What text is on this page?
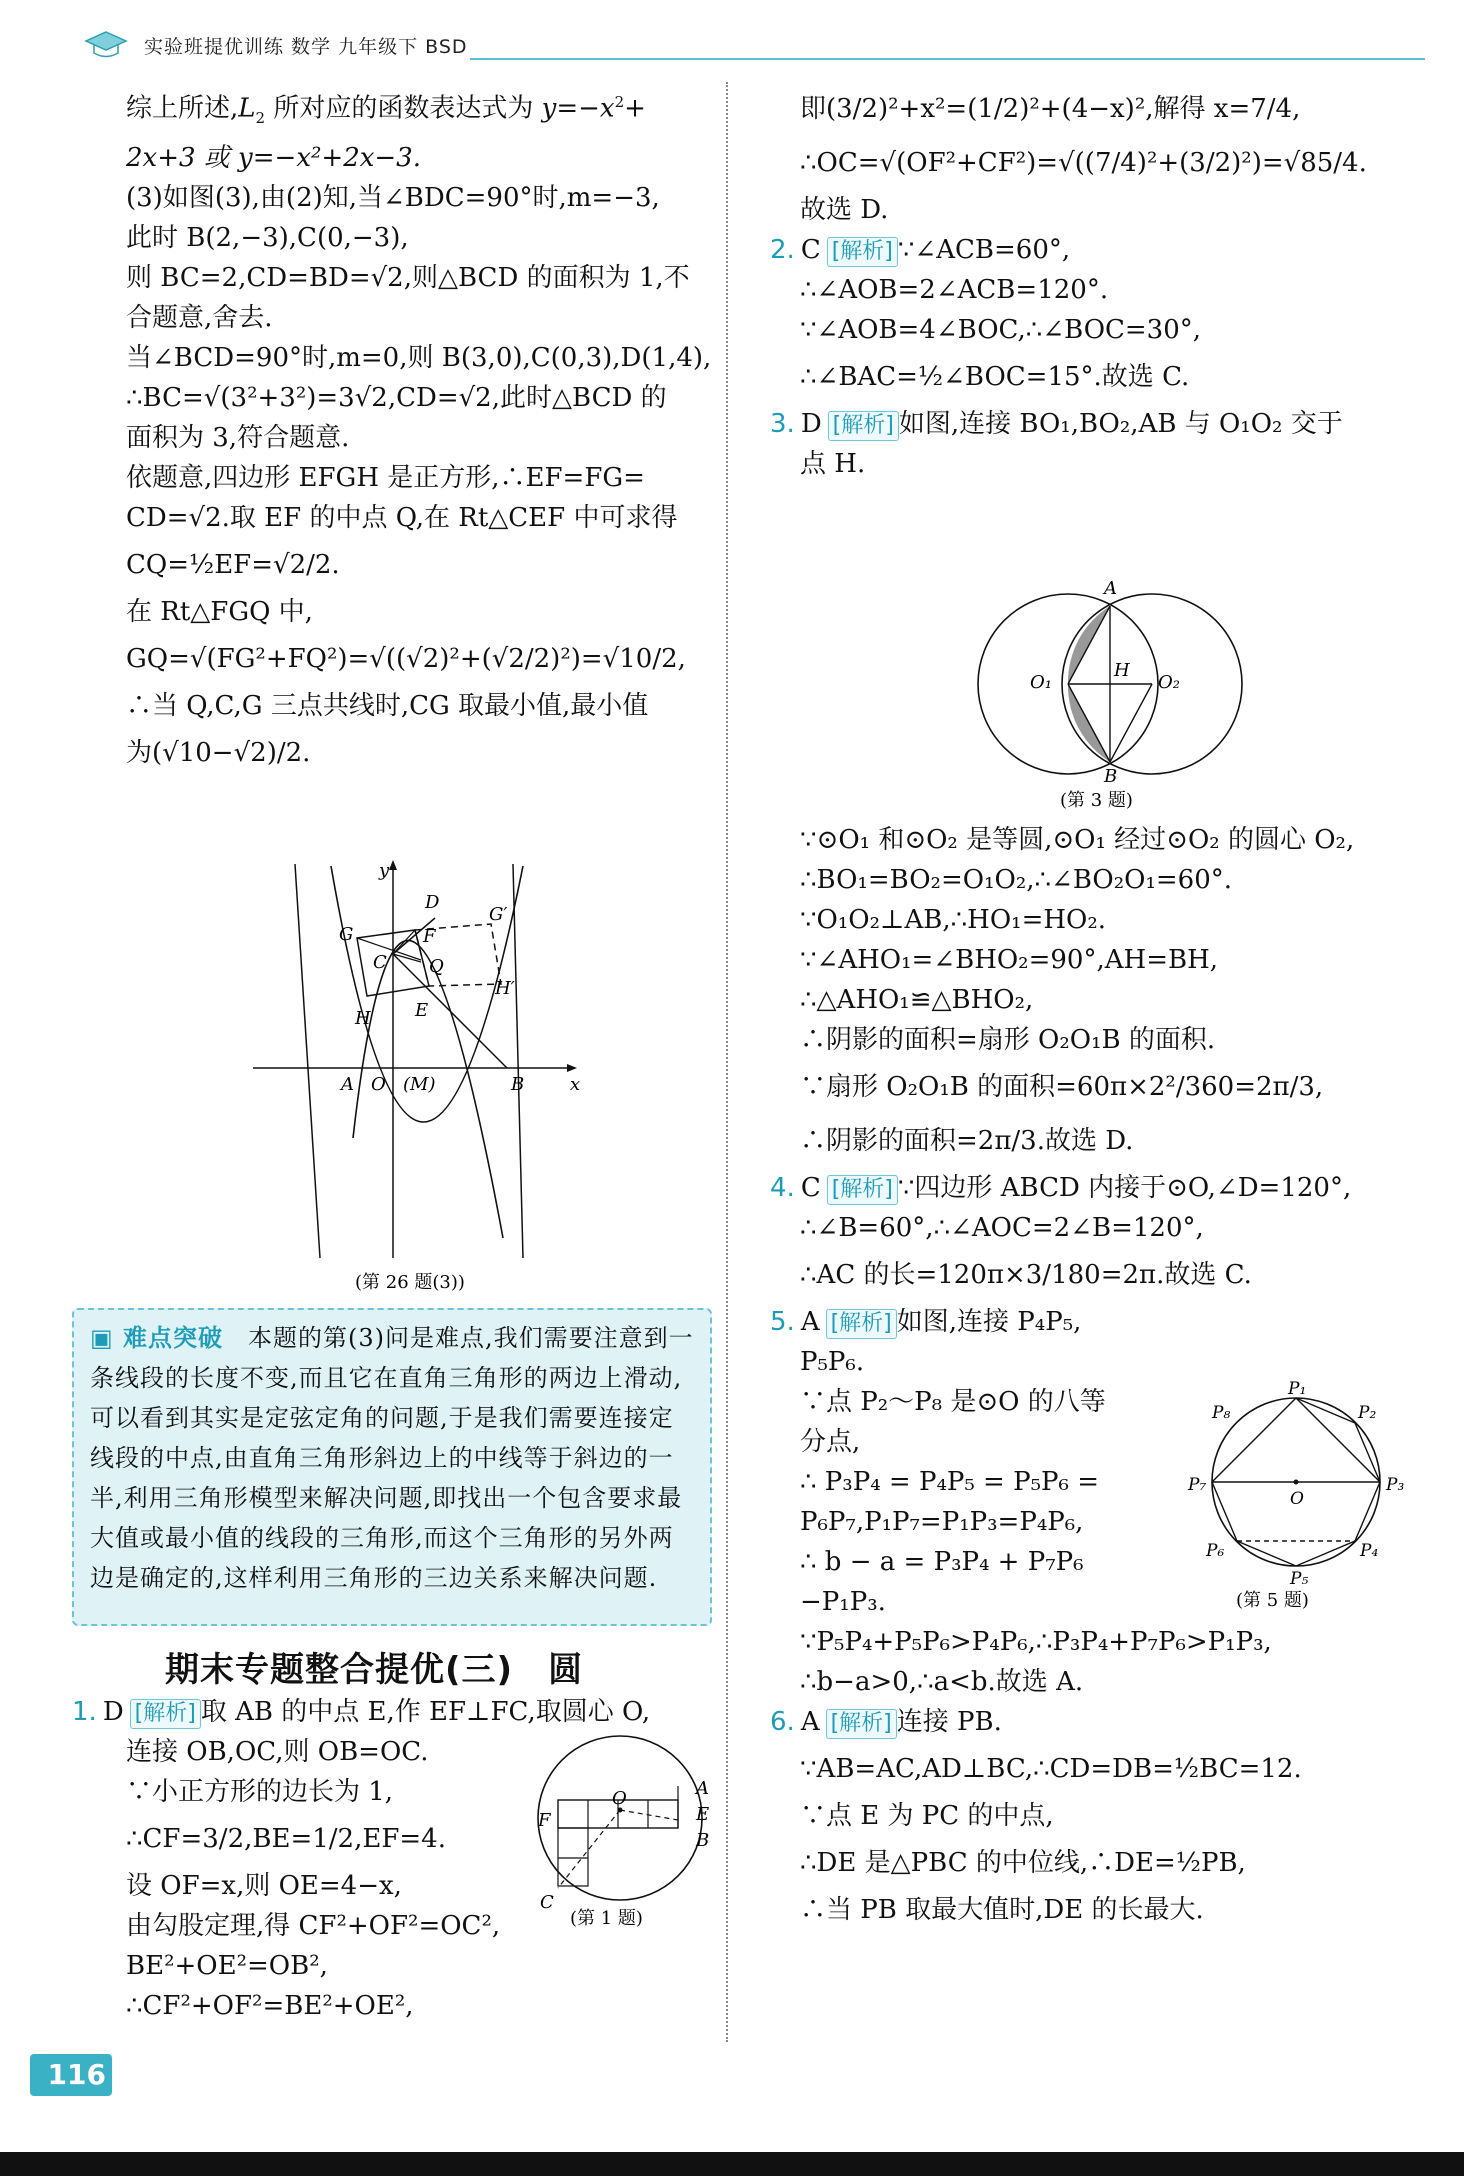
实验班提优训练 数学 九年级下 BSD

综上所述$,L_2$ 所对应的函数表达式为 $y=-x^2+$

2x+3 或 y=−x²+2x−3.

(3)如图(3),由(2)知,当∠BDC=90°时,m=−3,

此时 B(2,−3),C(0,−3),

则 BC=2,CD=BD=√2,则△BCD 的面积为 1,不

合题意,舍去.

当∠BCD=90°时,m=0,则 B(3,0),C(0,3),D(1,4),

∴BC=√(3²+3²)=3√2,CD=√2,此时△BCD 的

面积为 3,符合题意.

依题意,四边形 EFGH 是正方形,∴EF=FG=

CD=√2.取 EF 的中点 Q,在 Rt△CEF 中可求得

CQ=½EF=√2/2.

在 Rt△FGQ 中,

GQ=√(FG²+FQ²)=√((√2)²+(√2/2)²)=√10/2,

∴当 Q,C,G 三点共线时,CG 取最小值,最小值

为(√10−√2)/2.

y
D
G
G′
F
C Q
H′
H E
A O (M)	B	x
(第 26 题(3))

▣ 难点突破　 本题的第(3)问是难点,我们需要注意到一条线段的长度不变,而且它在直角三角形的两边上滑动,可以看到其实是定弦定角的问题,于是我们需要连接定线段的中点,由直角三角形斜边上的中线等于斜边的一半,利用三角形模型来解决问题,即找出一个包含要求最大值或最小值的线段的三角形,而这个三角形的另外两边是确定的,这样利用三角形的三边关系来解决问题.

期末专题整合提优(三)　圆

1. D [解析] 取 AB 的中点 E,作 EF⊥FC,取圆心 O,

连接 OB,OC,则 OB=OC.

∵小正方形的边长为 1,

∴CF=3/2,BE=1/2,EF=4.

设 OF=x,则 OE=4−x,

由勾股定理,得 CF²+OF²=OC²,

BE²+OE²=OB²,

∴CF²+OF²=BE²+OE²,

O	A
F	E
B
C
(第 1 题)

即(3/2)²+x²=(1/2)²+(4−x)²,解得 x=7/4,

∴OC=√(OF²+CF²)=√((7/4)²+(3/2)²)=√85/4.

故选 D.

2. C [解析] ∵∠ACB=60°,

∴∠AOB=2∠ACB=120°.

∵∠AOB=4∠BOC,∴∠BOC=30°,

∴∠BAC=½∠BOC=15°.故选 C.

3. D [解析] 如图,连接 BO₁,BO₂,AB 与 O₁O₂ 交于

点 H.

A
O₁
H
O₂
B
(第 3 题)

∵⊙O₁ 和⊙O₂ 是等圆,⊙O₁ 经过⊙O₂ 的圆心 O₂,

∴BO₁=BO₂=O₁O₂,∴∠BO₂O₁=60°.

∵O₁O₂⊥AB,∴HO₁=HO₂.

∵∠AHO₁=∠BHO₂=90°,AH=BH,

∴△AHO₁≌△BHO₂,

∴阴影的面积=扇形 O₂O₁B 的面积.

∵扇形 O₂O₁B 的面积=60π×2²/360=2π/3,

∴阴影的面积=2π/3.故选 D.

4. C [解析] ∵四边形 ABCD 内接于⊙O,∠D=120°,

∴∠B=60°,∴∠AOC=2∠B=120°,

∴AC 的长=120π×3/180=2π.故选 C.

5. A [解析] 如图,连接 P₄P₅,

P₅P₆.

∵点 P₂～P₈ 是⊙O 的八等

分点,

∴ P₃P₄ = P₄P₅ = P₅P₆ =

P₆P₇,P₁P₇=P₁P₃=P₄P₆,

∴ b − a = P₃P₄ + P₇P₆

−P₁P₃.

∵P₅P₄+P₅P₆>P₄P₆,∴P₃P₄+P₇P₆>P₁P₃,

∴b−a>0,∴a<b.故选 A.

6. A [解析] 连接 PB.

∵AB=AC,AD⊥BC,∴CD=DB=½BC=12.

∵点 E 为 PC 的中点,

∴DE 是△PBC 的中位线,∴DE=½PB,

∴当 PB 取最大值时,DE 的长最大.

P₁
P₂
P₃
P₄
P₅
P₆
P₇
P₈
O
(第 5 题)
116
